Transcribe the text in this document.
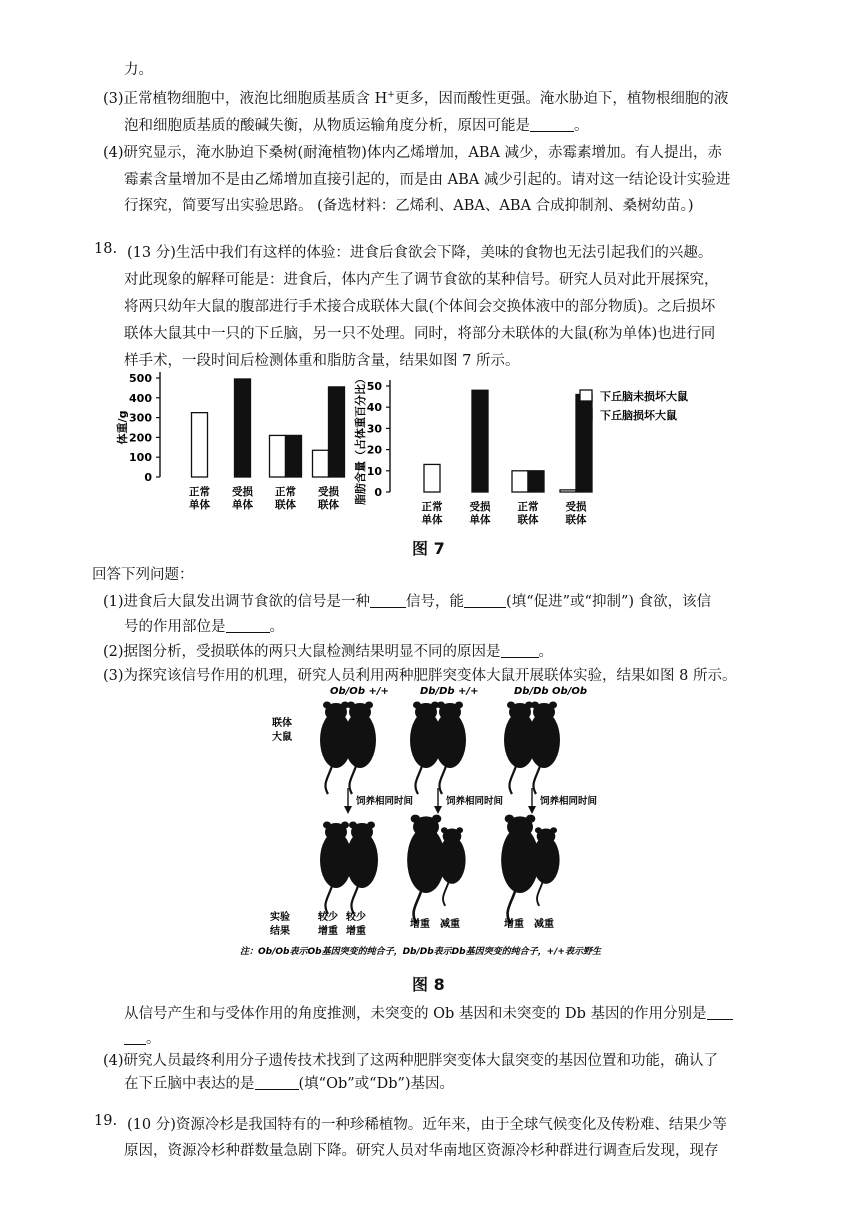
力。
(3)正常植物细胞中，液泡比细胞质基质含 H+更多，因而酸性更强。淹水胁迫下，植物根细胞的液
泡和细胞质基质的酸碱失衡，从物质运输角度分析，原因可能是	。
(4)研究显示，淹水胁迫下桑树(耐淹植物)体内乙烯增加，ABA 减少，赤霉素增加。有人提出，赤
霉素含量增加不是由乙烯增加直接引起的，而是由 ABA 减少引起的。请对这一结论设计实验进
行探究，简要写出实验思路。 (备选材料：乙烯利、ABA、ABA 合成抑制剂、桑树幼苗。)
18. (13 分)生活中我们有这样的体验：进食后食欲会下降，美味的食物也无法引起我们的兴趣。
对此现象的解释可能是：进食后，体内产生了调节食欲的某种信号。研究人员对此开展探究，
将两只幼年大鼠的腹部进行手术接合成联体大鼠(个体间会交换体液中的部分物质)。之后损坏
联体大鼠其中一只的下丘脑，另一只不处理。同时，将部分未联体的大鼠(称为单体)也进行同
样手术，一段时间后检测体重和脂肪含量，结果如图 7 所示。
0
100
200
300
400
500
正常
单体
受损
单体
正常
联体
受损
联体
体重/g
0
10
20
30
40
50
正常
单体
受损
单体
正常
联体
受损
联体
脂肪含量（占体重百分比）	下丘脑未损坏大鼠
下丘脑损坏大鼠
图 7
回答下列问题：
(1)进食后大鼠发出调节食欲的信号是一种 信号，能	(填“促进”或“抑制”) 食欲，该信
号的作用部位是	。
(2)据图分析，受损联体的两只大鼠检测结果明显不同的原因是	。
(3)为探究该信号作用的机理，研究人员利用两种肥胖突变体大鼠开展联体实验，结果如图 8 所示。
Ob/Ob +/+
饲养相同时间
Db/Db +/+
饲养相同时间
Db/Db Ob/Ob
饲养相同时间
较少
增重
较少
增重
增重 减重	增重 减重
联体
大鼠
实验
结果
注：Ob/Ob表示Ob基因突变的纯合子，Db/Db表示Db基因突变的纯合子，+/+表示野生
图 8
从信号产生和与受体作用的角度推测，未突变的 Ob 基因和未突变的 Db 基因的作用分别是
。
(4)研究人员最终利用分子遗传技术找到了这两种肥胖突变体大鼠突变的基因位置和功能，确认了
在下丘脑中表达的是	(填“Ob”或“Db”)基因。
19. (10 分)资源冷杉是我国特有的一种珍稀植物。近年来，由于全球气候变化及传粉难、结果少等
原因，资源冷杉种群数量急剧下降。研究人员对华南地区资源冷杉种群进行调查后发现，现存
